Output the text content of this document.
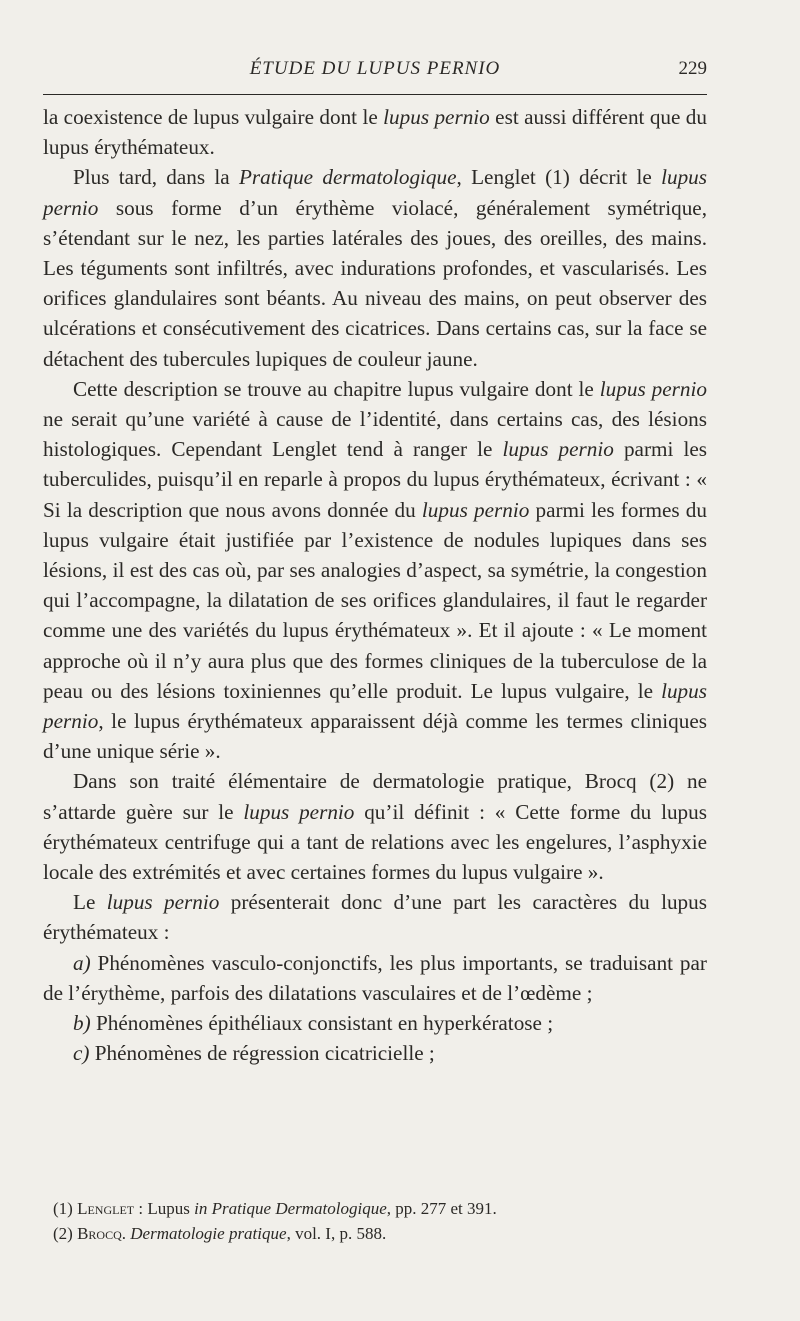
ÉTUDE DU LUPUS PERNIO	229

la coexistence de lupus vulgaire dont le lupus pernio est aussi différent que du lupus érythémateux.

Plus tard, dans la Pratique dermatologique, Lenglet (1) décrit le lupus pernio sous forme d’un érythème violacé, généralement symétrique, s’étendant sur le nez, les parties latérales des joues, des oreilles, des mains. Les téguments sont infiltrés, avec indurations profondes, et vascularisés. Les orifices glandulaires sont béants. Au niveau des mains, on peut observer des ulcérations et consécutivement des cicatrices. Dans certains cas, sur la face se détachent des tubercules lupiques de couleur jaune.

Cette description se trouve au chapitre lupus vulgaire dont le lupus pernio ne serait qu’une variété à cause de l’identité, dans certains cas, des lésions histologiques. Cependant Lenglet tend à ranger le lupus pernio parmi les tuberculides, puisqu’il en reparle à propos du lupus érythémateux, écrivant : « Si la description que nous avons donnée du lupus pernio parmi les formes du lupus vulgaire était justifiée par l’existence de nodules lupiques dans ses lésions, il est des cas où, par ses analogies d’aspect, sa symétrie, la congestion qui l’accompagne, la dilatation de ses orifices glandulaires, il faut le regarder comme une des variétés du lupus érythémateux ». Et il ajoute : « Le moment approche où il n’y aura plus que des formes cliniques de la tuberculose de la peau ou des lésions toxiniennes qu’elle produit. Le lupus vulgaire, le lupus pernio, le lupus érythémateux apparaissent déjà comme les termes cliniques d’une unique série ».

Dans son traité élémentaire de dermatologie pratique, Brocq (2) ne s’attarde guère sur le lupus pernio qu’il définit : « Cette forme du lupus érythémateux centrifuge qui a tant de relations avec les engelures, l’asphyxie locale des extrémités et avec certaines formes du lupus vulgaire ».

Le lupus pernio présenterait donc d’une part les caractères du lupus érythémateux :

a) Phénomènes vasculo-conjonctifs, les plus importants, se traduisant par de l’érythème, parfois des dilatations vasculaires et de l’œdème ;

b) Phénomènes épithéliaux consistant en hyperkératose ;

c) Phénomènes de régression cicatricielle ;

(1) Lenglet : Lupus in Pratique Dermatologique, pp. 277 et 391.

(2) Brocq. Dermatologie pratique, vol. I, p. 588.
